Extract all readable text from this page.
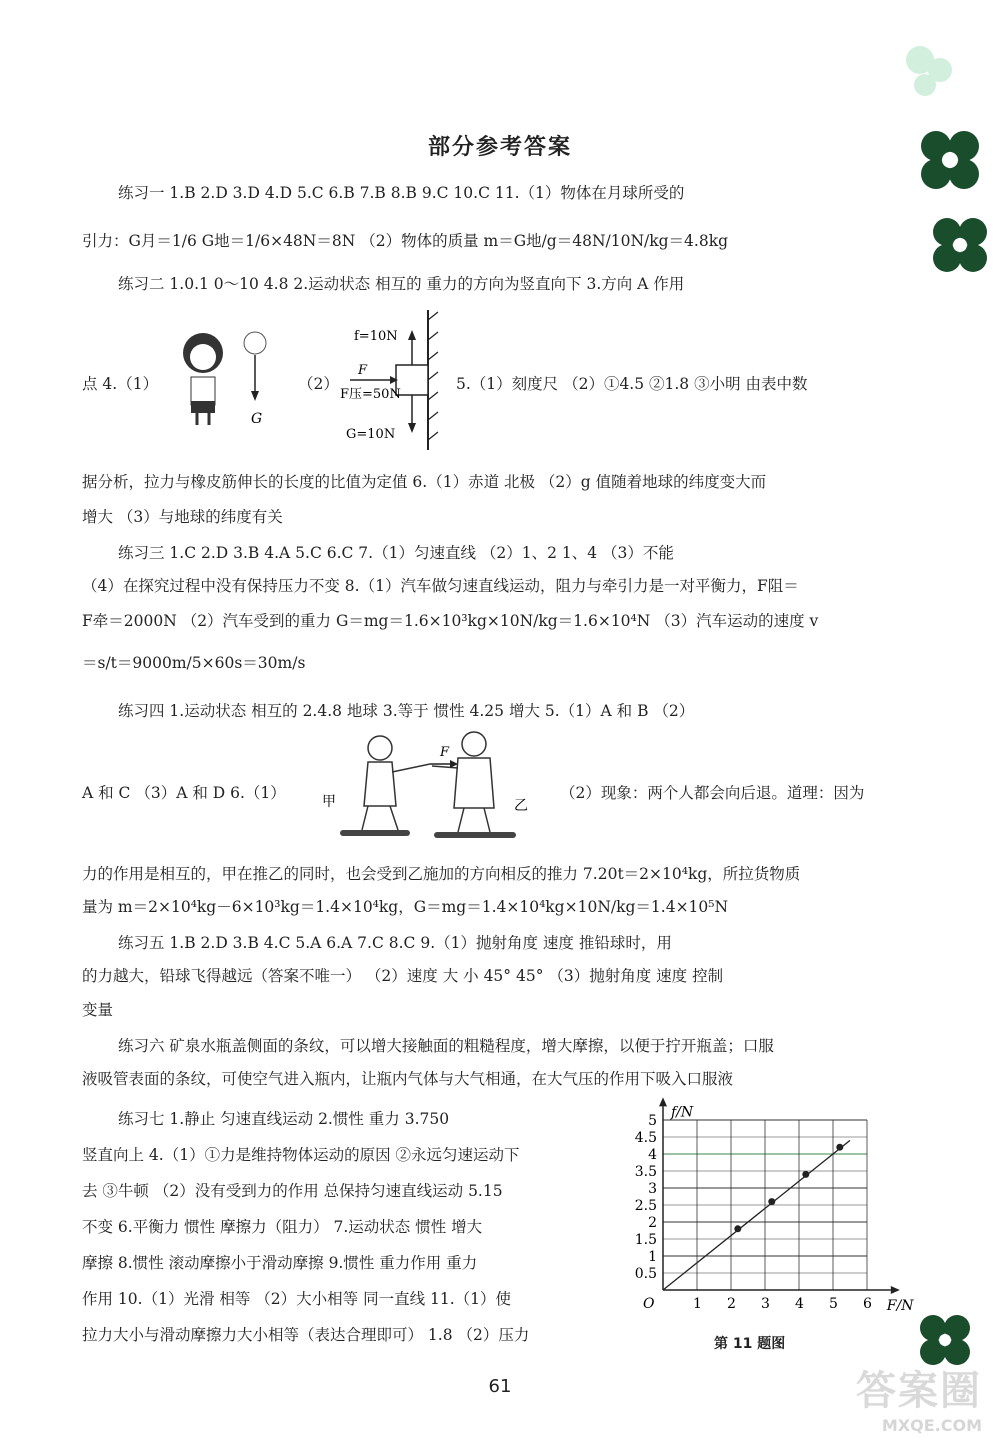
部分参考答案
练习一 1.B 2.D 3.D 4.D 5.C 6.B 7.B 8.B 9.C 10.C 11.（1）物体在月球所受的
引力：G月＝1/6 G地＝1/6×48N＝8N （2）物体的质量 m＝G地/g＝48N/10N/kg＝4.8kg
练习二 1.0.1 0～10 4.8 2.运动状态 相互的 重力的方向为竖直向下 3.方向 A 作用
点 4.（1）
G
（2）
f=10N
F
F压=50N
G=10N
5.（1）刻度尺 （2）①4.5 ②1.8 ③小明 由表中数
据分析，拉力与橡皮筋伸长的长度的比值为定值 6.（1）赤道 北极 （2）g 值随着地球的纬度变大而
增大 （3）与地球的纬度有关
练习三 1.C 2.D 3.B 4.A 5.C 6.C 7.（1）匀速直线 （2）1、2 1、4 （3）不能
（4）在探究过程中没有保持压力不变 8.（1）汽车做匀速直线运动，阻力与牵引力是一对平衡力，F阻＝
F牵＝2000N （2）汽车受到的重力 G＝mg＝1.6×10³kg×10N/kg＝1.6×10⁴N （3）汽车运动的速度 v
＝s/t＝9000m/5×60s＝30m/s
练习四 1.运动状态 相互的 2.4.8 地球 3.等于 惯性 4.25 增大 5.（1）A 和 B （2）
A 和 C （3）A 和 D 6.（1）
F
甲	乙
（2）现象：两个人都会向后退。道理：因为
力的作用是相互的，甲在推乙的同时，也会受到乙施加的方向相反的推力 7.20t＝2×10⁴kg，所拉货物质
量为 m＝2×10⁴kg－6×10³kg＝1.4×10⁴kg，G＝mg＝1.4×10⁴kg×10N/kg＝1.4×10⁵N
练习五 1.B 2.D 3.B 4.C 5.A 6.A 7.C 8.C 9.（1）抛射角度 速度 推铅球时，用
的力越大，铅球飞得越远（答案不唯一） （2）速度 大 小 45° 45° （3）抛射角度 速度 控制
变量
练习六 矿泉水瓶盖侧面的条纹，可以增大接触面的粗糙程度，增大摩擦，以便于拧开瓶盖；口服
液吸管表面的条纹，可使空气进入瓶内，让瓶内气体与大气相通，在大气压的作用下吸入口服液
练习七 1.静止 匀速直线运动 2.惯性 重力 3.750
竖直向上 4.（1）①力是维持物体运动的原因 ②永远匀速运动下
去 ③牛顿 （2）没有受到力的作用 总保持匀速直线运动 5.15
不变 6.平衡力 惯性 摩擦力（阻力） 7.运动状态 惯性 增大
摩擦 8.惯性 滚动摩擦小于滑动摩擦 9.惯性 重力作用 重力
作用 10.（1）光滑 相等 （2）大小相等 同一直线 11.（1）使
拉力大小与滑动摩擦力大小相等（表达合理即可） 1.8 （2）压力
1 2 3 4 5 6
0.5
1
1.5
2
2.5
3
3.5
4
4.5
5
O	F/N
f/N
第 11 题图
61	答案圈
MXQE.COM
